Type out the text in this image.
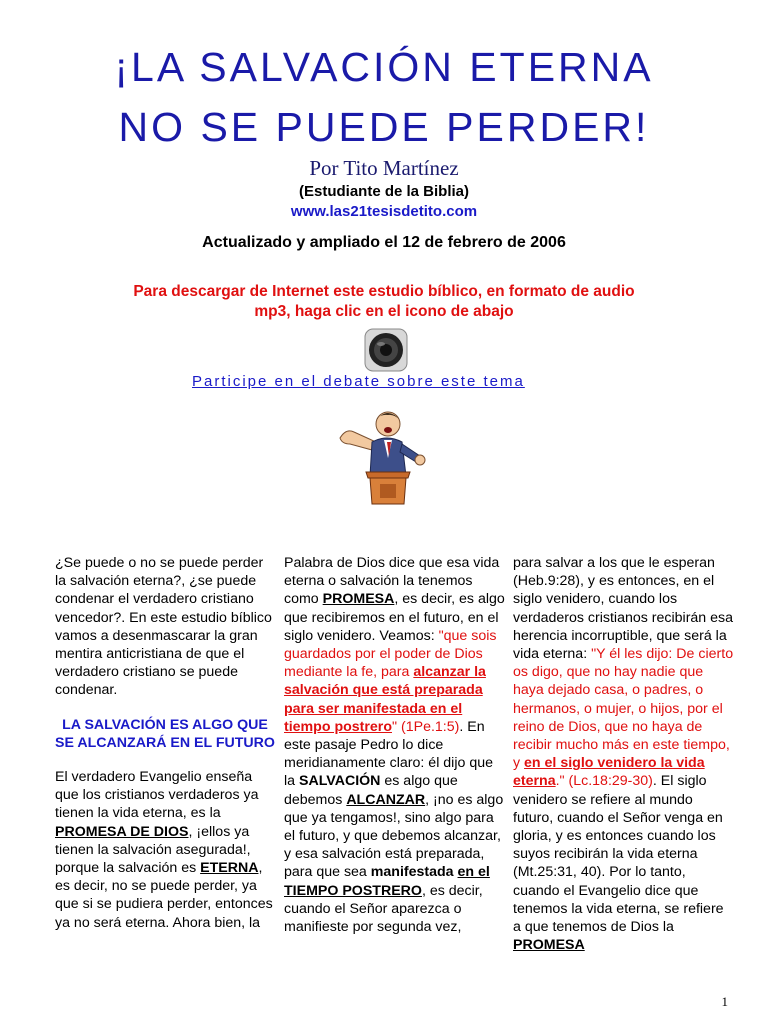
¡LA SALVACIÓN ETERNA
NO SE PUEDE PERDER!
Por Tito Martínez
(Estudiante de la Biblia)
www.las21tesisdetito.com
Actualizado y ampliado el 12 de febrero de 2006
Para descargar de Internet este estudio bíblico, en formato de audio
mp3, haga clic en el icono de abajo
Participe en el debate sobre este tema

¿Se puede o no se puede perder la salvación eterna?, ¿se puede condenar el verdadero cristiano vencedor?. En este estudio bíblico vamos a desenmascarar la gran mentira anticristiana de que el verdadero cristiano se puede condenar.

LA SALVACIÓN ES ALGO QUE SE ALCANZARÁ EN EL FUTURO

El verdadero Evangelio enseña que los cristianos verdaderos ya tienen la vida eterna, es la PROMESA DE DIOS, ¡ellos ya tienen la salvación asegurada!, porque la salvación es ETERNA, es decir, no se puede perder, ya que si se pudiera perder, entonces ya no será eterna. Ahora bien, la

Palabra de Dios dice que esa vida eterna o salvación la tenemos como PROMESA, es decir, es algo que recibiremos en el futuro, en el siglo venidero. Veamos: "que sois guardados por el poder de Dios mediante la fe, para alcanzar la salvación que está preparada para ser manifestada en el tiempo postrero" (1Pe.1:5). En este pasaje Pedro lo dice meridianamente claro: él dijo que la SALVACIÓN es algo que debemos ALCANZAR, ¡no es algo que ya tengamos!, sino algo para el futuro, y que debemos alcanzar, y esa salvación está preparada, para que sea manifestada en el TIEMPO POSTRERO, es decir, cuando el Señor aparezca o manifieste por segunda vez,

para salvar a los que le esperan (Heb.9:28), y es entonces, en el siglo venidero, cuando los verdaderos cristianos recibirán esa herencia incorruptible, que será la vida eterna: "Y él les dijo: De cierto os digo, que no hay nadie que haya dejado casa, o padres, o hermanos, o mujer, o hijos, por el reino de Dios, que no haya de recibir mucho más en este tiempo, y en el siglo venidero la vida eterna." (Lc.18:29-30). El siglo venidero se refiere al mundo futuro, cuando el Señor venga en gloria, y es entonces cuando los suyos recibirán la vida eterna (Mt.25:31, 40). Por lo tanto, cuando el Evangelio dice que tenemos la vida eterna, se refiere a que tenemos de Dios la PROMESA

1
